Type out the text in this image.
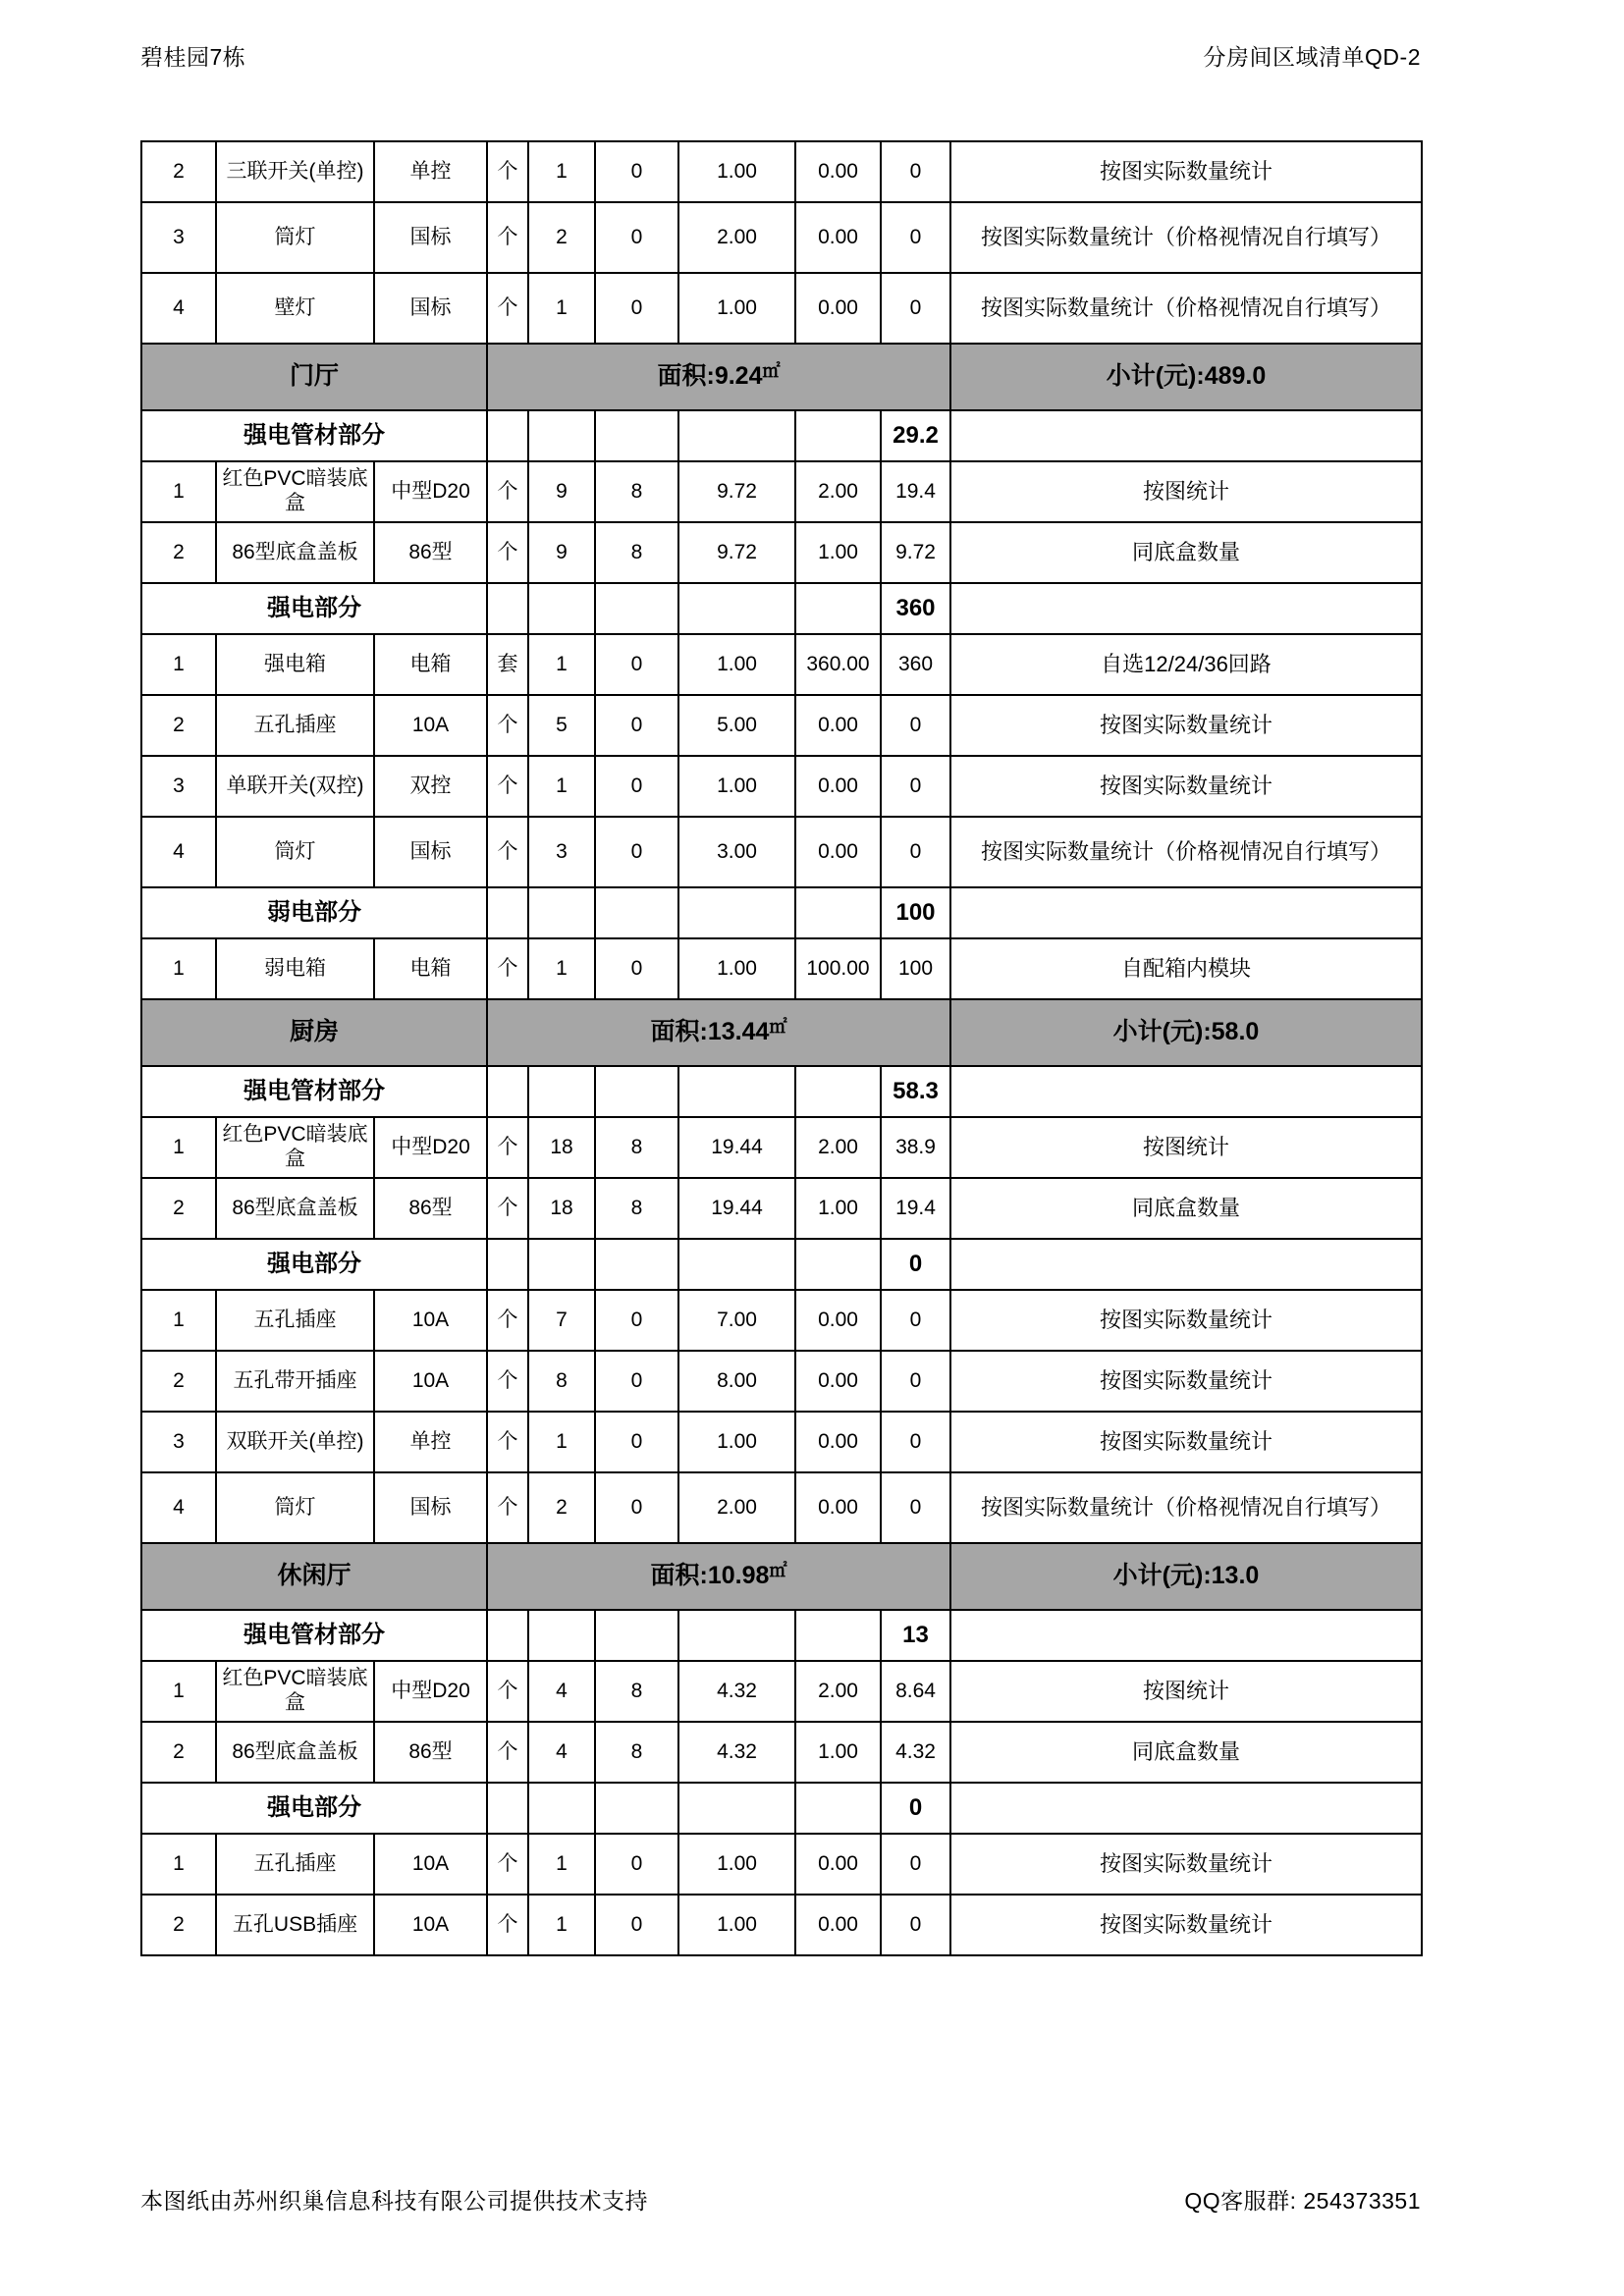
碧桂园7栋	分房间区域清单QD-2
2	三联开关(单控)	单控	个	1	0	1.00	0.00	0	按图实际数量统计
3	筒灯	国标	个	2	0	2.00	0.00	0	按图实际数量统计（价格视情况自行填写）
4	壁灯	国标	个	1	0	1.00	0.00	0	按图实际数量统计（价格视情况自行填写）
门厅			面积:9.24㎡						小计(元):489.0
强电管材部分								29.2	
1	红色PVC暗装底盒	中型D20	个	9	8	9.72	2.00	19.4	按图统计
2	86型底盒盖板	86型	个	9	8	9.72	1.00	9.72	同底盒数量
强电部分								360	
1	强电箱	电箱	套	1	0	1.00	360.00	360	自选12/24/36回路
2	五孔插座	10A	个	5	0	5.00	0.00	0	按图实际数量统计
3	单联开关(双控)	双控	个	1	0	1.00	0.00	0	按图实际数量统计
4	筒灯	国标	个	3	0	3.00	0.00	0	按图实际数量统计（价格视情况自行填写）
弱电部分								100	
1	弱电箱	电箱	个	1	0	1.00	100.00	100	自配箱内模块
厨房			面积:13.44㎡						小计(元):58.0
强电管材部分								58.3	
1	红色PVC暗装底盒	中型D20	个	18	8	19.44	2.00	38.9	按图统计
2	86型底盒盖板	86型	个	18	8	19.44	1.00	19.4	同底盒数量
强电部分								0	
1	五孔插座	10A	个	7	0	7.00	0.00	0	按图实际数量统计
2	五孔带开插座	10A	个	8	0	8.00	0.00	0	按图实际数量统计
3	双联开关(单控)	单控	个	1	0	1.00	0.00	0	按图实际数量统计
4	筒灯	国标	个	2	0	2.00	0.00	0	按图实际数量统计（价格视情况自行填写）
休闲厅			面积:10.98㎡						小计(元):13.0
强电管材部分								13	
1	红色PVC暗装底盒	中型D20	个	4	8	4.32	2.00	8.64	按图统计
2	86型底盒盖板	86型	个	4	8	4.32	1.00	4.32	同底盒数量
强电部分								0	
1	五孔插座	10A	个	1	0	1.00	0.00	0	按图实际数量统计
2	五孔USB插座	10A	个	1	0	1.00	0.00	0	按图实际数量统计
本图纸由苏州织巢信息科技有限公司提供技术支持	QQ客服群: 254373351
